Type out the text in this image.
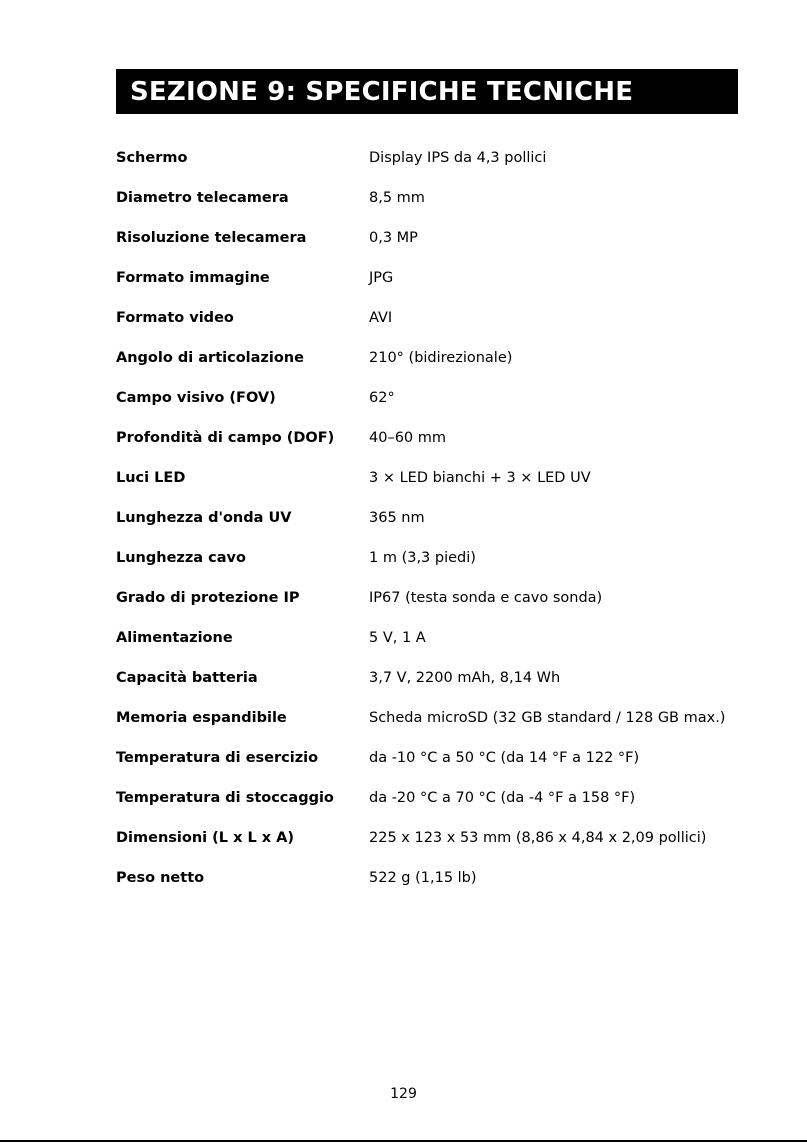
SEZIONE 9: SPECIFICHE TECNICHE
Schermo	Display IPS da 4,3 pollici
Diametro telecamera	8,5 mm
Risoluzione telecamera	0,3 MP
Formato immagine	JPG
Formato video	AVI
Angolo di articolazione	210° (bidirezionale)
Campo visivo (FOV)	62°
Profondità di campo (DOF)	40–60 mm
Luci LED	3 × LED bianchi + 3 × LED UV
Lunghezza d'onda UV	365 nm
Lunghezza cavo	1 m (3,3 piedi)
Grado di protezione IP	IP67 (testa sonda e cavo sonda)
Alimentazione	5 V, 1 A
Capacità batteria	3,7 V, 2200 mAh, 8,14 Wh
Memoria espandibile	Scheda microSD (32 GB standard / 128 GB max.)
Temperatura di esercizio	da -10 °C a 50 °C (da 14 °F a 122 °F)
Temperatura di stoccaggio	da -20 °C a 70 °C (da -4 °F a 158 °F)
Dimensioni (L x L x A)	225 x 123 x 53 mm (8,86 x 4,84 x 2,09 pollici)
Peso netto	522 g (1,15 lb)
129
